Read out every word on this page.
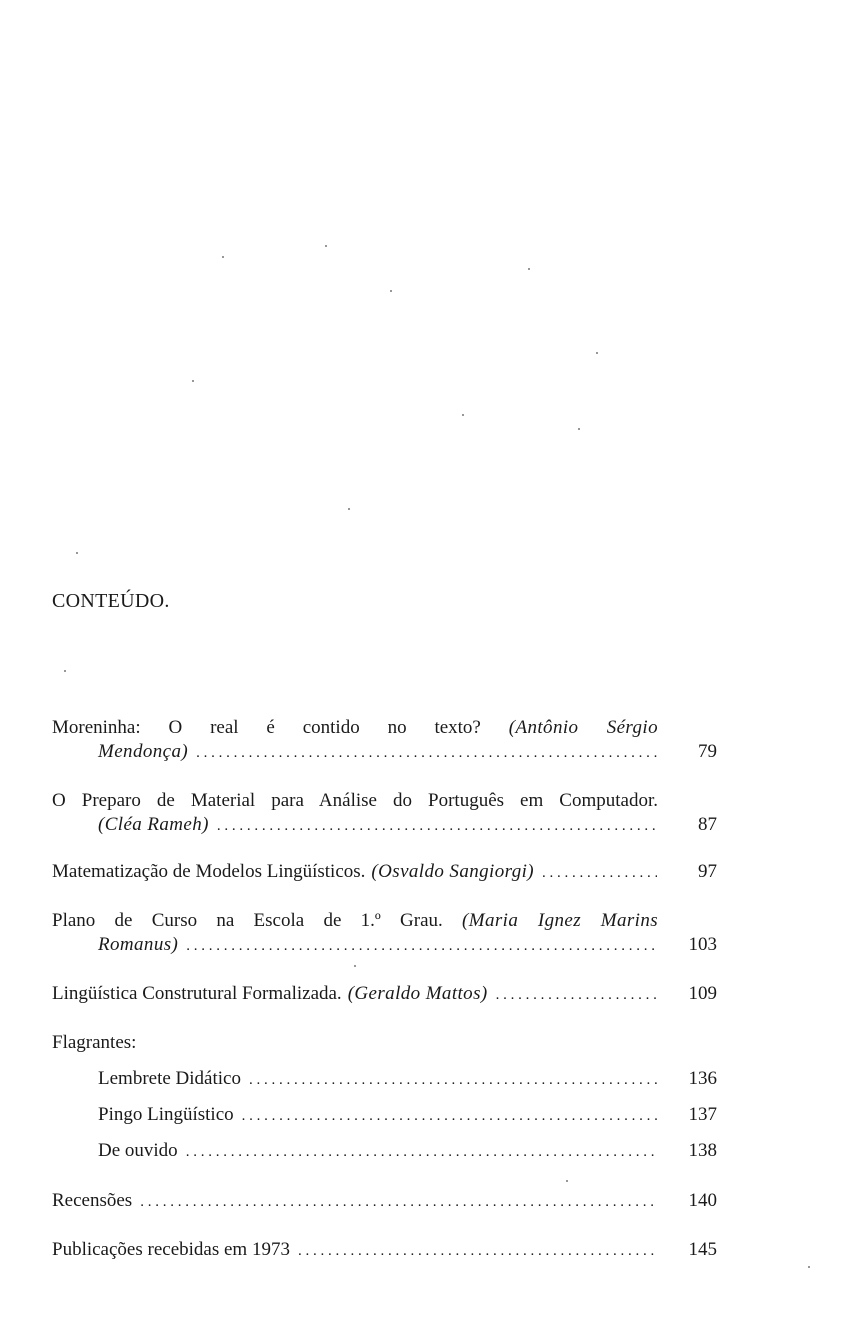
CONTEÚDO.
Moreninha: O real é contido no texto? (Antônio Sérgio
Mendonça) . . .	79
O Preparo de Material para Análise do Português em Computador.
(Cléa Rameh) . . .	87
Matematização de Modelos Lingüísticos. (Osvaldo Sangiorgi) . . .	97
Plano de Curso na Escola de 1.º Grau. (Maria Ignez Marins
Romanus) . . .	103
Lingüística Construtural Formalizada. (Geraldo Mattos) . . .	109
Flagrantes:
Lembrete Didático . . .	136
Pingo Lingüístico . . .	137
De ouvido . . .	138
Recensões . . .	140
Publicações recebidas em 1973 . . .	145
